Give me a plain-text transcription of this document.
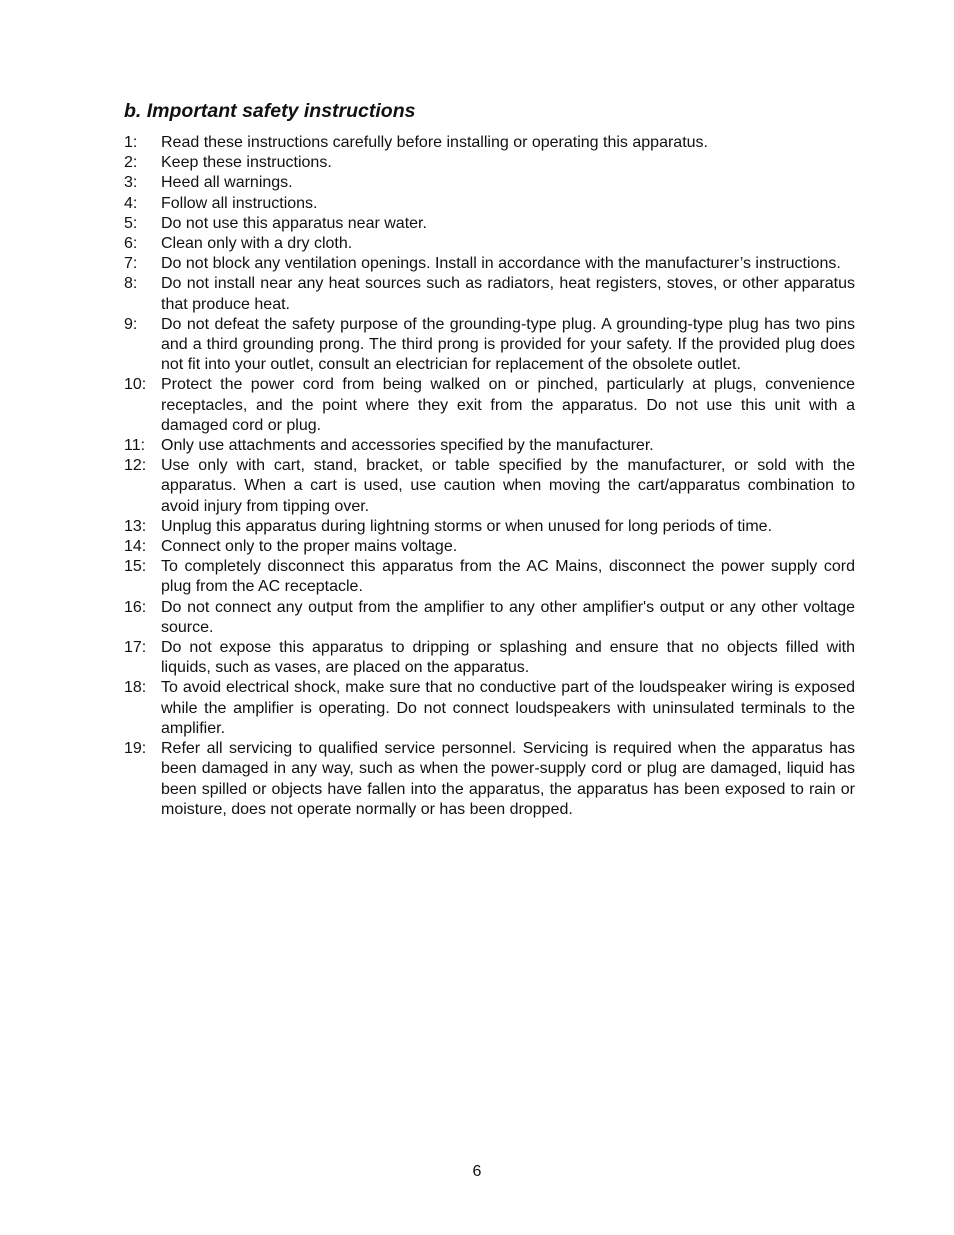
b. Important safety instructions
1:	Read these instructions carefully before installing or operating this apparatus.
2:	Keep these instructions.
3:	Heed all warnings.
4:	Follow all instructions.
5:	Do not use this apparatus near water.
6:	Clean only with a dry cloth.
7:	Do not block any ventilation openings. Install in accordance with the manufacturer’s instructions.
8:	Do not install near any heat sources such as radiators, heat registers, stoves, or other apparatus that produce heat.
9:	Do not defeat the safety purpose of the grounding-type plug. A grounding-type plug has two pins and a third grounding prong. The third prong is provided for your safety. If the provided plug does not fit into your outlet, consult an electrician for replacement of the obsolete outlet.
10: Protect the power cord from being walked on or pinched, particularly at plugs, convenience receptacles, and the point where they exit from the apparatus. Do not use this unit with a damaged cord or plug.
11: Only use attachments and accessories specified by the manufacturer.
12: Use only with cart, stand, bracket, or table specified by the manufacturer, or sold with the apparatus. When a cart is used, use caution when moving the cart/apparatus combination to avoid injury from tipping over.
13: Unplug this apparatus during lightning storms or when unused for long periods of time.
14: Connect only to the proper mains voltage.
15: To completely disconnect this apparatus from the AC Mains, disconnect the power supply cord plug from the AC receptacle.
16: Do not connect any output from the amplifier to any other amplifier's output or any other voltage source.
17: Do not expose this apparatus to dripping or splashing and ensure that no objects filled with liquids, such as vases, are placed on the apparatus.
18: To avoid electrical shock, make sure that no conductive part of the loudspeaker wiring is exposed while the amplifier is operating. Do not connect loudspeakers with uninsulated terminals to the amplifier.
19: Refer all servicing to qualified service personnel. Servicing is required when the apparatus has been damaged in any way, such as when the power-supply cord or plug are damaged, liquid has been spilled or objects have fallen into the apparatus, the apparatus has been exposed to rain or moisture, does not operate normally or has been dropped.
6
